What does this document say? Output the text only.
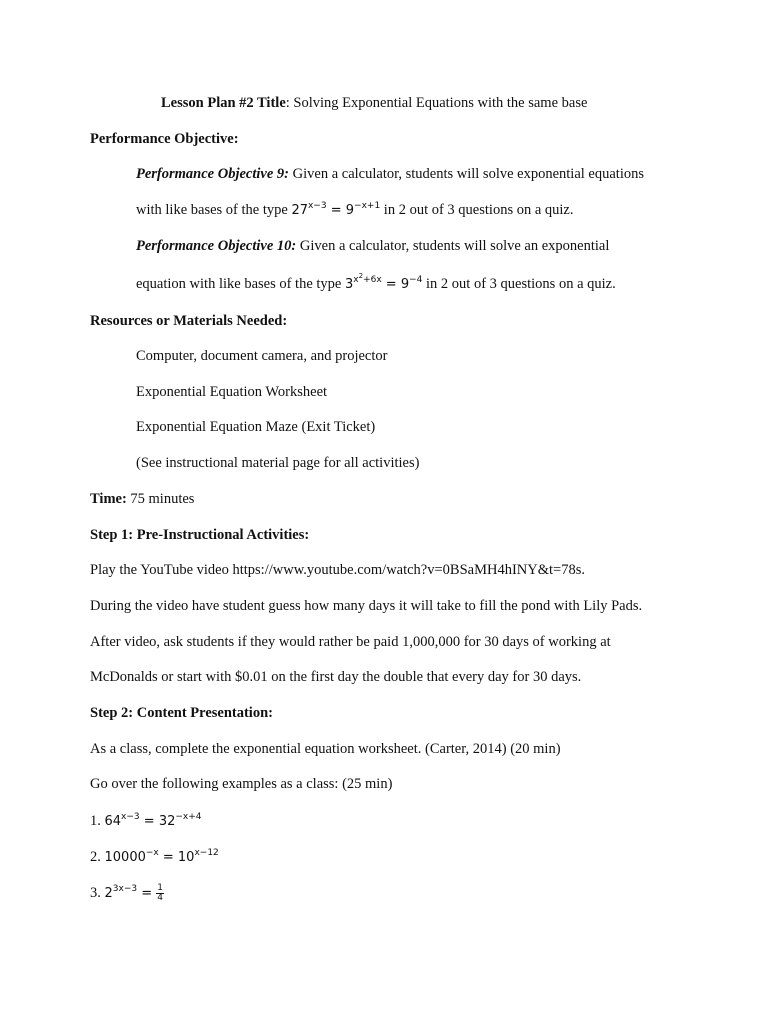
Lesson Plan #2 Title: Solving Exponential Equations with the same base
Performance Objective:
Performance Objective 9: Given a calculator, students will solve exponential equations
with like bases of the type $27^{x-3} = 9^{-x+1}$ in 2 out of 3 questions on a quiz.
Performance Objective 10: Given a calculator, students will solve an exponential
equation with like bases of the type $3^{x^2+6x} = 9^{-4}$ in 2 out of 3 questions on a quiz.
Resources or Materials Needed:
Computer, document camera, and projector
Exponential Equation Worksheet
Exponential Equation Maze (Exit Ticket)
(See instructional material page for all activities)
Time: 75 minutes
Step 1: Pre-Instructional Activities:
Play the YouTube video https://www.youtube.com/watch?v=0BSaMH4hINY&t=78s.
During the video have student guess how many days it will take to fill the pond with Lily Pads.
After video, ask students if they would rather be paid 1,000,000 for 30 days of working at
McDonalds or start with $0.01 on the first day the double that every day for 30 days.
Step 2: Content Presentation:
As a class, complete the exponential equation worksheet. (Carter, 2014) (20 min)
Go over the following examples as a class: (25 min)
1. $64^{x-3} = 32^{-x+4}$
2. $10000^{-x} = 10^{x-12}$
3. $2^{3x-3} = \frac{1}{4}$
